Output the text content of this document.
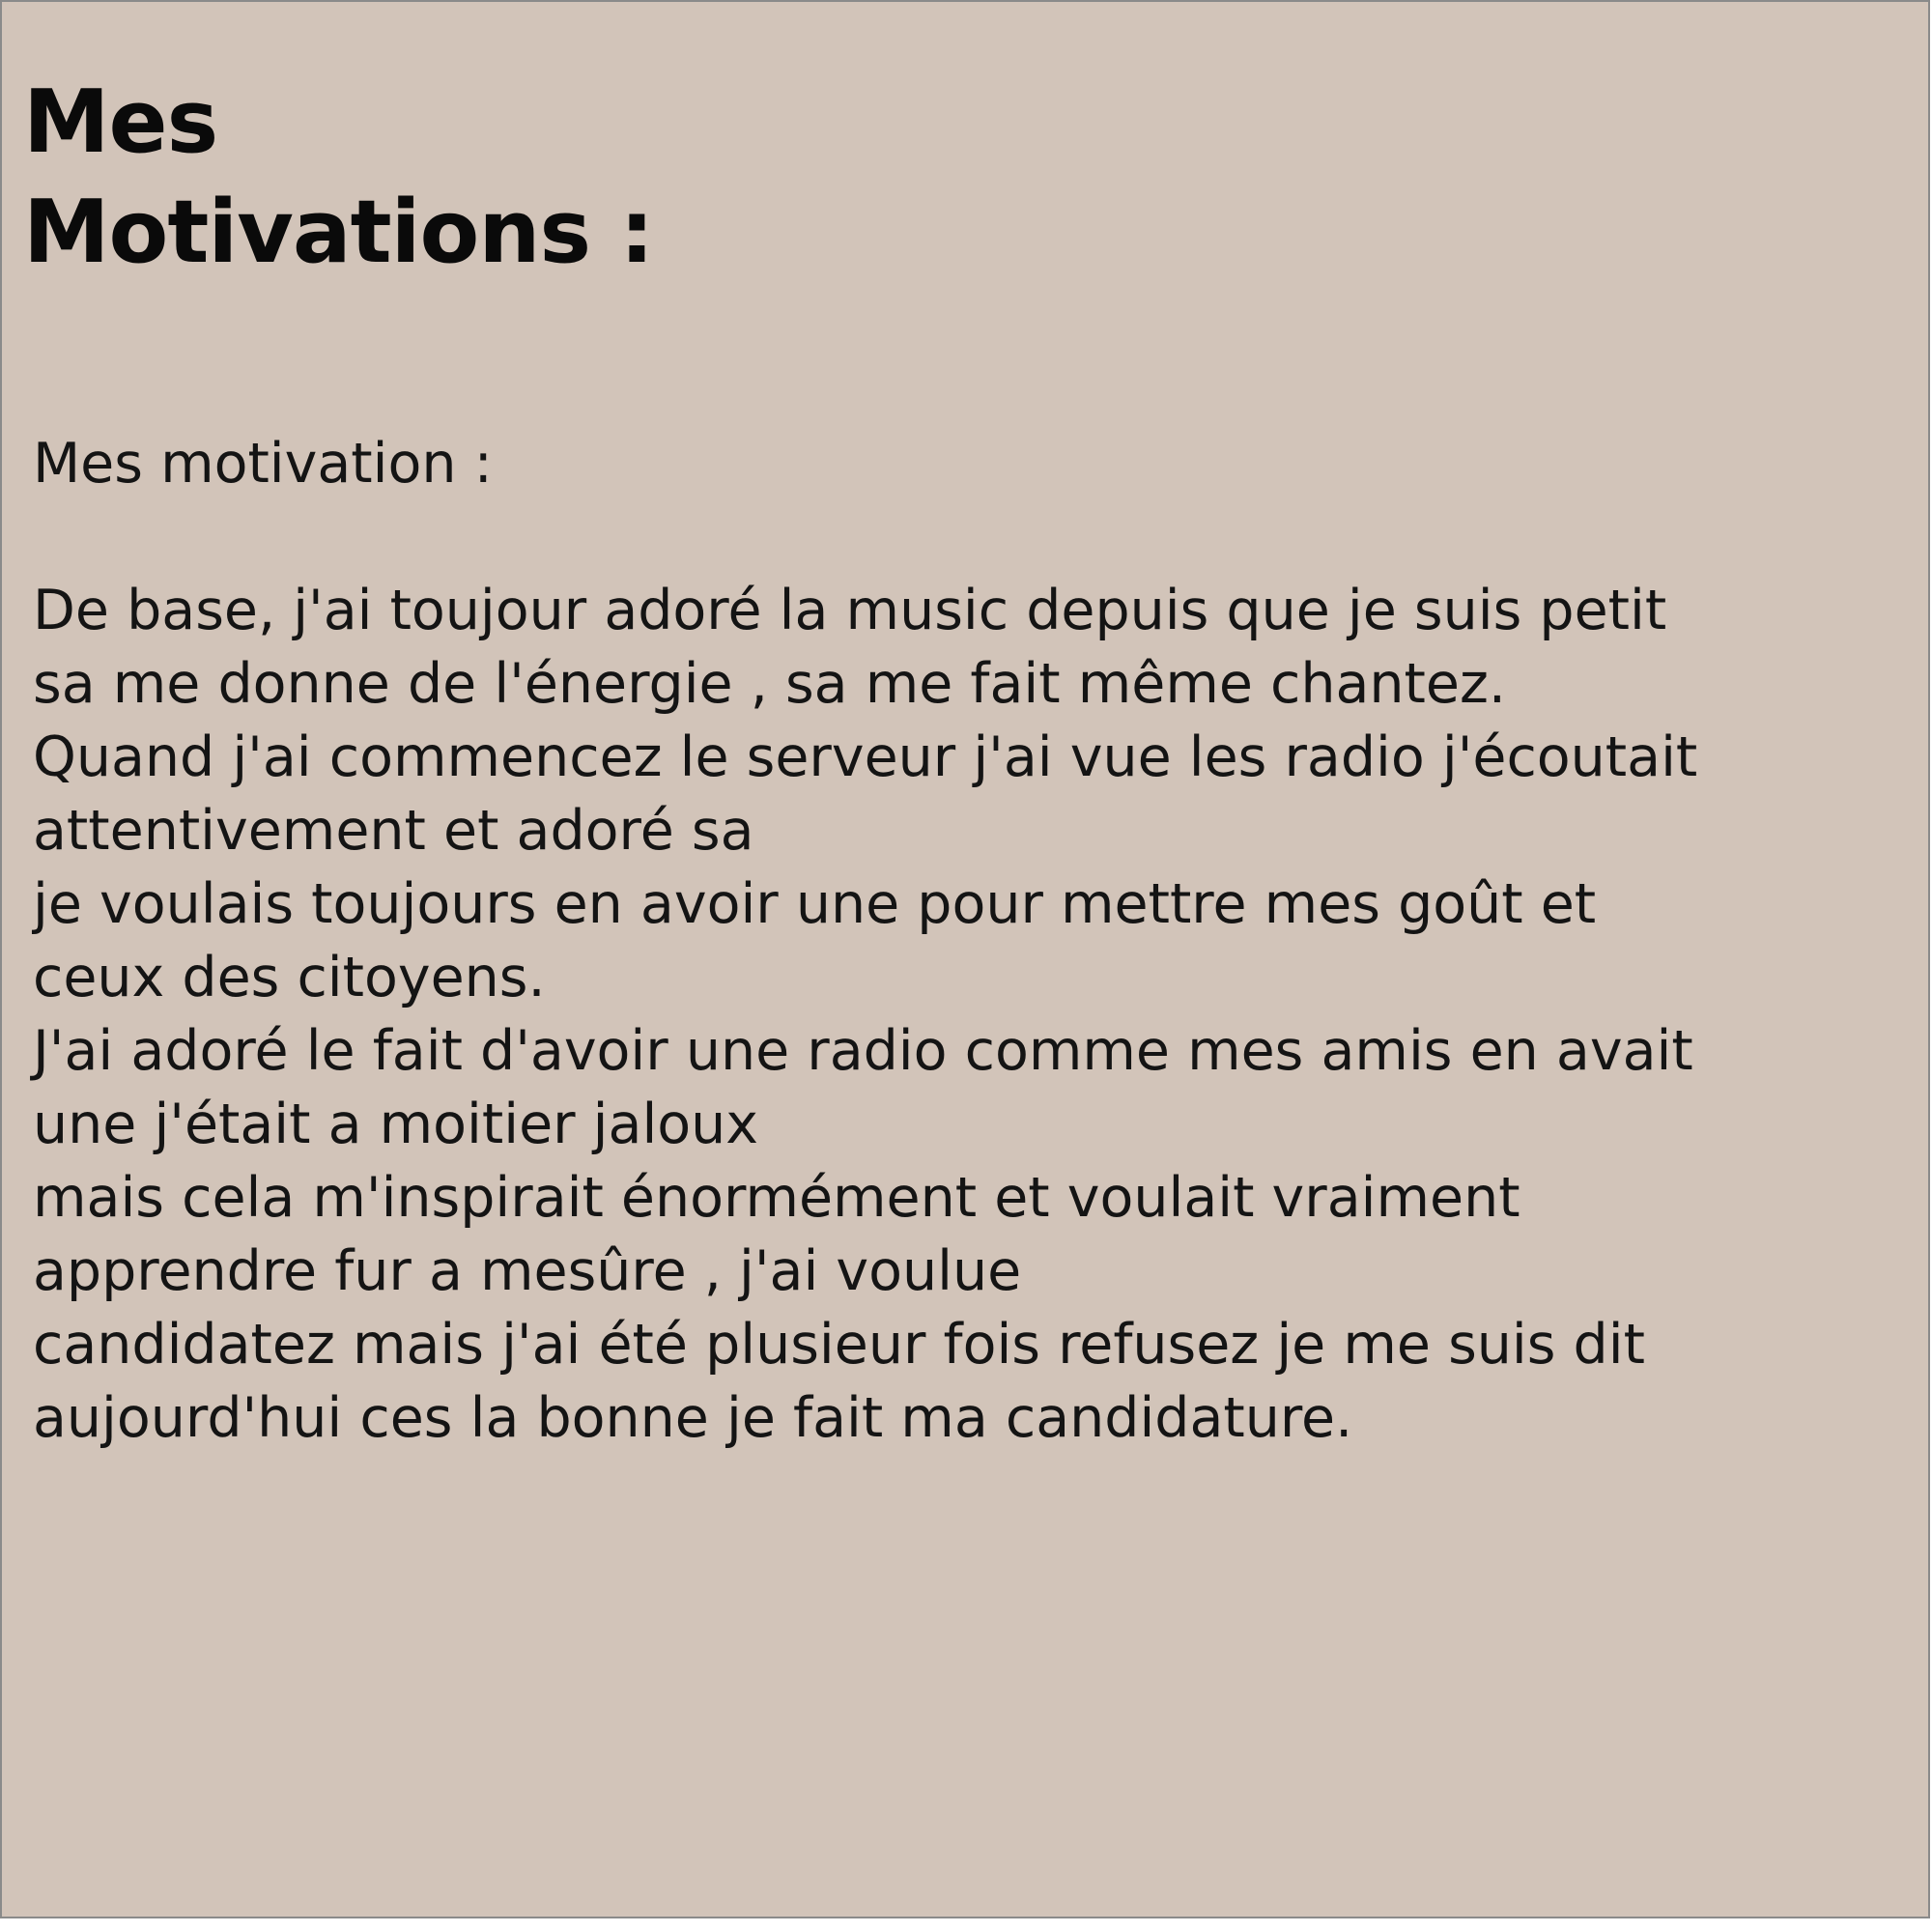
Mes
Motivations :
Mes motivation :
De base, j'ai toujour adoré la music depuis que je suis petit
sa me donne de l'énergie , sa me fait même chantez.
Quand j'ai commencez le serveur j'ai vue les radio j'écoutait
attentivement et adoré sa
je voulais toujours en avoir une pour mettre mes goût et
ceux des citoyens.
J'ai adoré le fait d'avoir une radio comme mes amis en avait
une j'était a moitier jaloux
mais cela m'inspirait énormément et voulait vraiment
apprendre fur a mesûre , j'ai voulue
candidatez mais j'ai été plusieur fois refusez je me suis dit
aujourd'hui ces la bonne je fait ma candidature.
